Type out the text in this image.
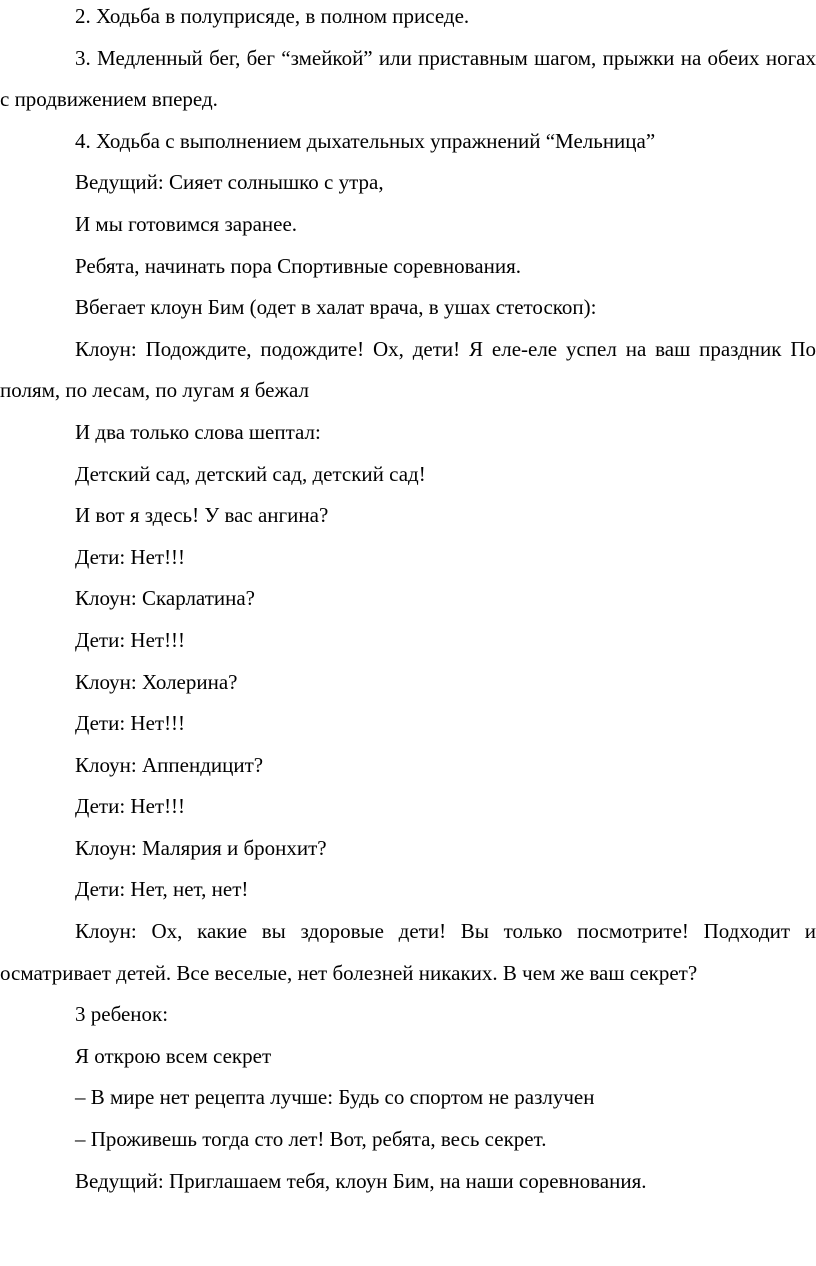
2. Ходьба в полуприсяде, в полном приседе.

3. Медленный бег, бег “змейкой” или приставным шагом, прыжки на обеих ногах с продвижением вперед.

4. Ходьба с выполнением дыхательных упражнений “Мельница”

Ведущий: Сияет солнышко с утра,

И мы готовимся заранее.

Ребята, начинать пора Спортивные соревнования.

Вбегает клоун Бим (одет в халат врача, в ушах стетоскоп):

Клоун: Подождите, подождите! Ох, дети! Я еле-еле успел на ваш праздник По полям, по лесам, по лугам я бежал

И два только слова шептал:

Детский сад, детский сад, детский сад!

И вот я здесь! У вас ангина?

Дети: Нет!!!

Клоун: Скарлатина?

Дети: Нет!!!

Клоун: Холерина?

Дети: Нет!!!

Клоун: Аппендицит?

Дети: Нет!!!

Клоун: Малярия и бронхит?

Дети: Нет, нет, нет!

Клоун: Ох, какие вы здоровые дети! Вы только посмотрите! Подходит и осматривает детей. Все веселые, нет болезней никаких. В чем же ваш секрет?

3 ребенок:

Я открою всем секрет

– В мире нет рецепта лучше: Будь со спортом не разлучен

– Проживешь тогда сто лет! Вот, ребята, весь секрет.

Ведущий: Приглашаем тебя, клоун Бим, на наши соревнования.
